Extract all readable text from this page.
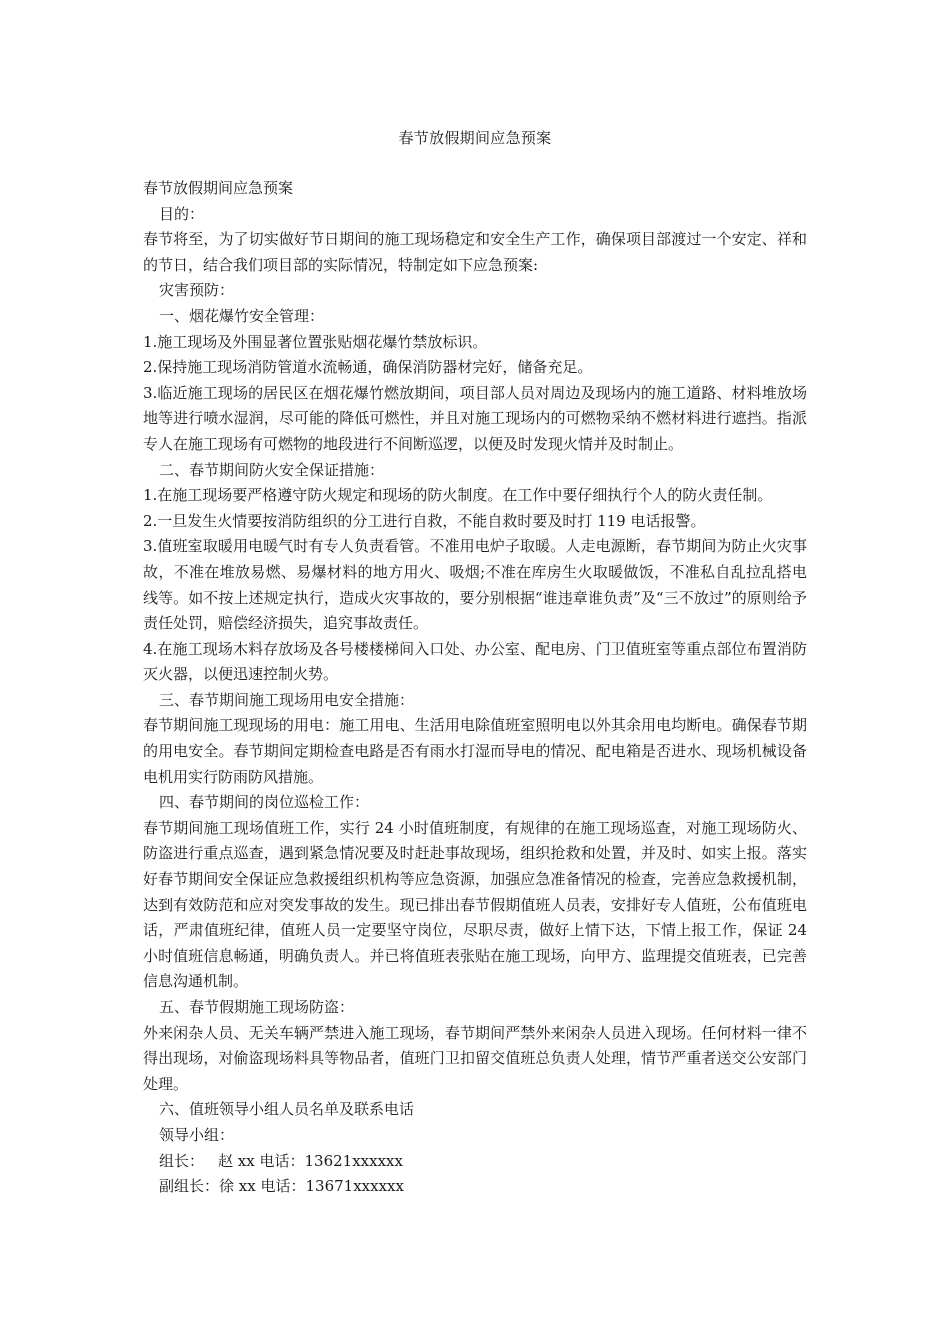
春节放假期间应急预案

春节放假期间应急预案

目的：

春节将至，为了切实做好节日期间的施工现场稳定和安全生产工作，确保项目部渡过一个安定、祥和的节日，结合我们项目部的实际情况，特制定如下应急预案:

灾害预防：

一、烟花爆竹安全管理：

1.施工现场及外围显著位置张贴烟花爆竹禁放标识。

2.保持施工现场消防管道水流畅通，确保消防器材完好，储备充足。

3.临近施工现场的居民区在烟花爆竹燃放期间，项目部人员对周边及现场内的施工道路、材料堆放场地等进行喷水湿润，尽可能的降低可燃性，并且对施工现场内的可燃物采纳不燃材料进行遮挡。指派专人在施工现场有可燃物的地段进行不间断巡逻，以便及时发现火情并及时制止。

二、春节期间防火安全保证措施：

1.在施工现场要严格遵守防火规定和现场的防火制度。在工作中要仔细执行个人的防火责任制。

2.一旦发生火情要按消防组织的分工进行自救，不能自救时要及时打 119 电话报警。

3.值班室取暖用电暖气时有专人负责看管。不准用电炉子取暖。人走电源断，春节期间为防止火灾事故，不准在堆放易燃、易爆材料的地方用火、吸烟;不准在库房生火取暖做饭，不准私自乱拉乱搭电线等。如不按上述规定执行，造成火灾事故的，要分别根据“谁违章谁负责”及“三不放过”的原则给予责任处罚，赔偿经济损失，追究事故责任。

4.在施工现场木料存放场及各号楼楼梯间入口处、办公室、配电房、门卫值班室等重点部位布置消防灭火器，以便迅速控制火势。

三、春节期间施工现场用电安全措施：

春节期间施工现现场的用电：施工用电、生活用电除值班室照明电以外其余用电均断电。确保春节期的用电安全。春节期间定期检查电路是否有雨水打湿而导电的情况、配电箱是否进水、现场机械设备电机用实行防雨防风措施。

四、春节期间的岗位巡检工作：

春节期间施工现场值班工作，实行 24 小时值班制度，有规律的在施工现场巡查，对施工现场防火、防盗进行重点巡查，遇到紧急情况要及时赶赴事故现场，组织抢救和处置，并及时、如实上报。落实好春节期间安全保证应急救援组织机构等应急资源，加强应急准备情况的检查，完善应急救援机制，达到有效防范和应对突发事故的发生。现已排出春节假期值班人员表，安排好专人值班，公布值班电话，严肃值班纪律，值班人员一定要坚守岗位，尽职尽责，做好上情下达，下情上报工作，保证 24 小时值班信息畅通，明确负责人。并已将值班表张贴在施工现场，向甲方、监理提交值班表，已完善信息沟通机制。

五、春节假期施工现场防盗：

外来闲杂人员、无关车辆严禁进入施工现场，春节期间严禁外来闲杂人员进入现场。任何材料一律不得出现场，对偷盗现场料具等物品者，值班门卫扣留交值班总负责人处理，情节严重者送交公安部门处理。

六、值班领导小组人员名单及联系电话

领导小组：

组长： 赵 xx 电话：13621xxxxxx

副组长：徐 xx 电话：13671xxxxxx
